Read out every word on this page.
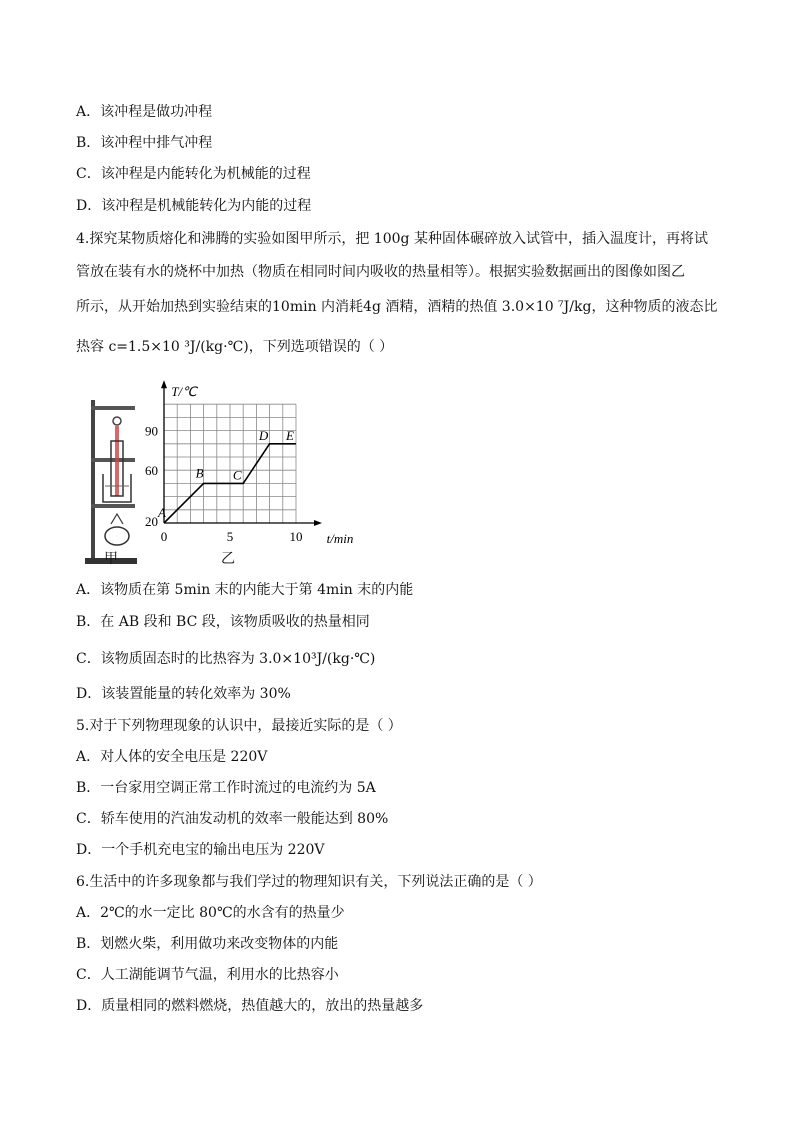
A．该冲程是做功冲程
B．该冲程中排气冲程
C．该冲程是内能转化为机械能的过程
D．该冲程是机械能转化为内能的过程
4.探究某物质熔化和沸腾的实验如图甲所示，把 100g 某种固体碾碎放入试管中，插入温度计，再将试
管放在装有水的烧杯中加热（物质在相同时间内吸收的热量相等）。根据实验数据画出的图像如图乙
所示，从开始加热到实验结束的10min 内消耗4g 酒精，酒精的热值 3.0×10 ⁷J/kg，这种物质的液态比
热容 c=1.5×10 ³J/(kg·℃)，下列选项错误的（ ）
甲
0	5	10
60
90
20
T/℃
t/min
A
B C
D E
乙
A．该物质在第 5min 末的内能大于第 4min 末的内能
B．在 AB 段和 BC 段，该物质吸收的热量相同
C．该物质固态时的比热容为 3.0×10³J/(kg·℃)
D．该装置能量的转化效率为 30%
5.对于下列物理现象的认识中，最接近实际的是（ ）
A．对人体的安全电压是 220V
B．一台家用空调正常工作时流过的电流约为 5A
C．轿车使用的汽油发动机的效率一般能达到 80%
D．一个手机充电宝的输出电压为 220V
6.生活中的许多现象都与我们学过的物理知识有关，下列说法正确的是（ ）
A．2℃的水一定比 80℃的水含有的热量少
B．划燃火柴，利用做功来改变物体的内能
C．人工湖能调节气温，利用水的比热容小
D．质量相同的燃料燃烧，热值越大的，放出的热量越多
